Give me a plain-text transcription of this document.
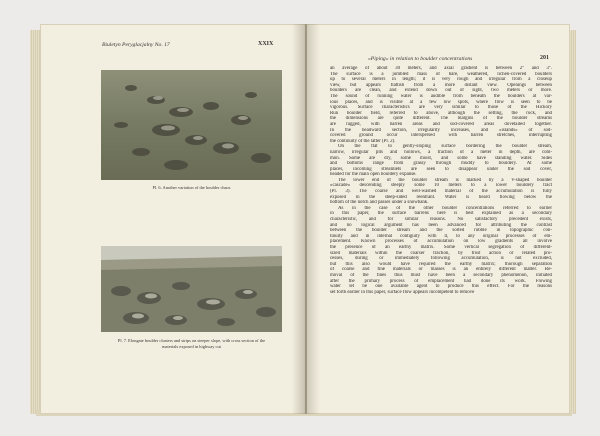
Biuletyn Peryglacjalny No. 17	XXIX
Pl. 6. Another variation of the boulder chaos
Pl. 7. Elongate boulder clusters and strips on steeper slope, with cross section of the
materials exposed in highway cut
»Piping« in relation to boulder concentrations	201
an average of about 30 meters, and axial gradient is between 2° and 3°.
The surface is a jumbled mass of bare, weathered, lichen-covered boulders
up to several meters in length; it is very rough and irregular from a closeup
view, but appears flattish from a more distant view. Openings between
boulders are clean, and extend down out of sight, two meters or more.
The sound of running water is audible from beneath the boulders at var-
ious places, and is visible at a few low spots, where flow is seen to be
vigorous. Surface characteristics are very similar to those of the Hickory
Run boulder field, referred to above, although the setting, the rock, and
the dimensions are quite different. The margins of the boulder streams
are ragged, with barren areas and sod-covered areas dovetailed together.
In the headward section, irregularity increases, and »islands« of sod-
covered ground occur interspersed with barren stretches, interrupting
the continuity of the latter (Pl. 2).
On the flat to gently-sloping surface bordering the boulder stream,
narrow, irregular pits and hollows, a fraction of a meter in depth, are com-
mon. Some are dry, some moist, and some have standing water. Sides
and bottoms range from grassy through muddy to bouldery. At some
places, incoming streamlets are seen to disappear under the sod cover,
headed for the main open bouldery expanse.
The lower end of the boulder stream is marked by a V-shaped boulder
»cascade« descending steeply some 10 meters to a lower bouldery tract
(Pl. 3). The coarse and well-washed material of the accumulation is fully
exposed in the steep-sided reentrant. Water is heard flowing below the
bottom of the notch and passes under a snowbank.
As in the case of the other boulder concentrations referred to earlier
in this paper, the surface barrens here is best explained as a secondary
characteristic, and for similar reasons. No satisfactory precedent exists,
and no logical argument has been advanced for attributing the contrast
between the boulder stream and the sorted rubble in topographic con-
tinuity and in internal contiguity with it, to any original processes of em-
placement. Known processes of accumulation on low gradients all involve
the presence of an earthy matrix. Some vertical segregation of different-
sized materials within the coarser fraction, by frost action or related pro-
cesses, during or immediately following accumulation, is not excluded,
but this also would have required the earthy matrix; thorough separation
of coarse and fine materials or masses is an entirely different matter. Re-
moval of the fines thus must have been a secondary phenomenon, initiated
after the primary process of emplacement had done its work. Flowing
water let be one available agent to produce this effect. For the reasons
set forth earlier in this paper, surface flow appears incompetent to remove
